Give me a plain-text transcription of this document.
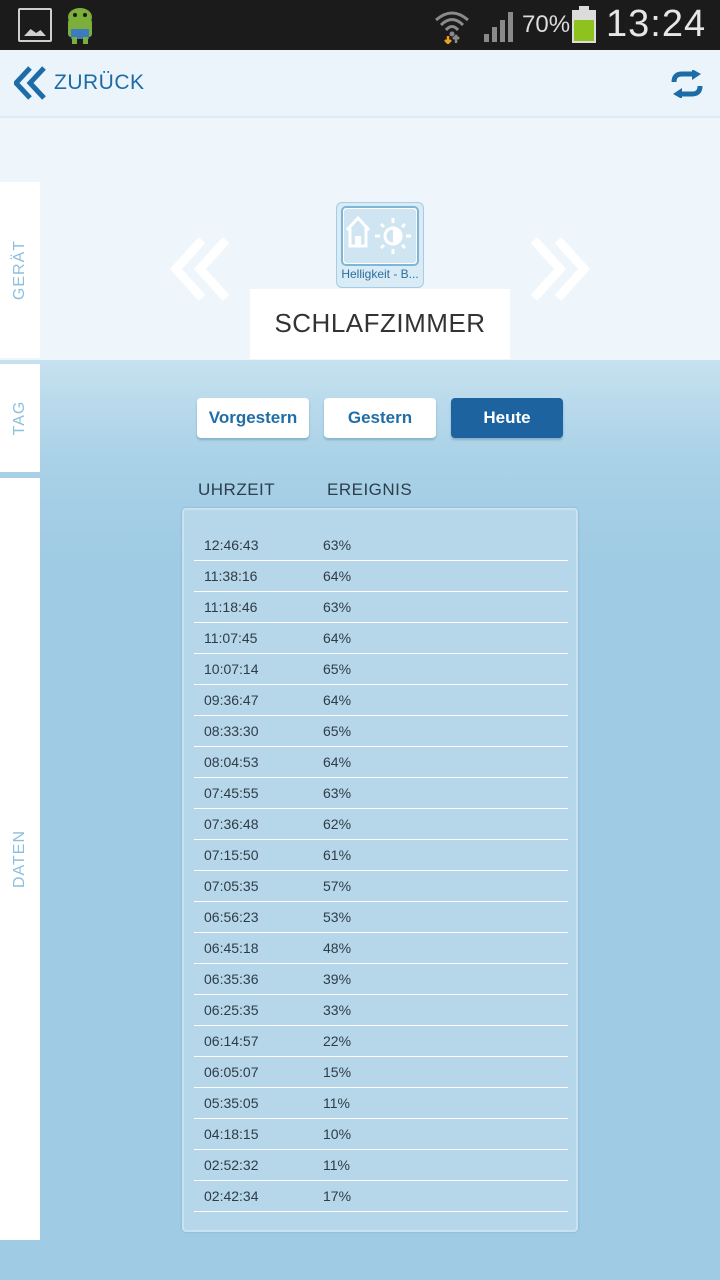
70% 13:24
ZURÜCK
GERÄT	Helligkeit - B...
SCHLAFZIMMER
TAG
DATEN
Vorgestern	Gestern	Heute
UHRZEIT	EREIGNIS
12:46:43	63%
11:38:16	64%
11:18:46	63%
11:07:45	64%
10:07:14	65%
09:36:47	64%
08:33:30	65%
08:04:53	64%
07:45:55	63%
07:36:48	62%
07:15:50	61%
07:05:35	57%
06:56:23	53%
06:45:18	48%
06:35:36	39%
06:25:35	33%
06:14:57	22%
06:05:07	15%
05:35:05	11%
04:18:15	10%
02:52:32	11%
02:42:34	17%
